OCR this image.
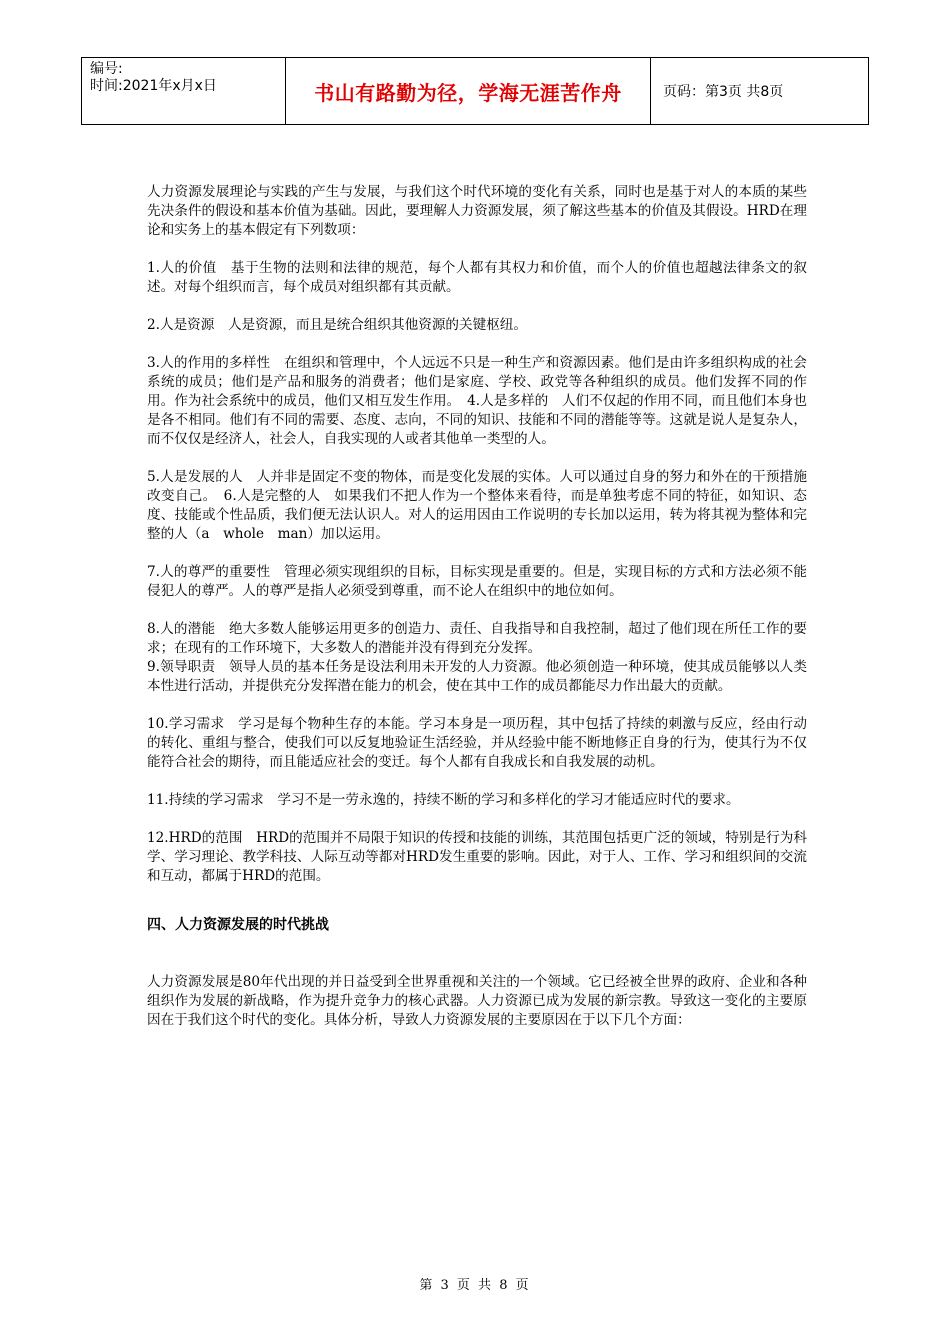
编号:
时间:2021年x月x日	书山有路勤为径，学海无涯苦作舟	页码：第3页 共8页

人力资源发展理论与实践的产生与发展，与我们这个时代环境的变化有关系，同时也是基于对人的本质的某些先决条件的假设和基本价值为基础。因此，要理解人力资源发展，须了解这些基本的价值及其假设。HRD在理论和实务上的基本假定有下列数项：

1.人的价值　基于生物的法则和法律的规范，每个人都有其权力和价值，而个人的价值也超越法律条文的叙述。对每个组织而言，每个成员对组织都有其贡献。

2.人是资源　人是资源，而且是统合组织其他资源的关键枢纽。

3.人的作用的多样性　在组织和管理中，个人远远不只是一种生产和资源因素。他们是由许多组织构成的社会系统的成员；他们是产品和服务的消费者；他们是家庭、学校、政党等各种组织的成员。他们发挥不同的作用。作为社会系统中的成员，他们又相互发生作用。　4.人是多样的　人们不仅起的作用不同，而且他们本身也是各不相同。他们有不同的需要、态度、志向，不同的知识、技能和不同的潜能等等。这就是说人是复杂人，而不仅仅是经济人，社会人，自我实现的人或者其他单一类型的人。

5.人是发展的人　人并非是固定不变的物体，而是变化发展的实体。人可以通过自身的努力和外在的干预措施改变自己。　6.人是完整的人　如果我们不把人作为一个整体来看待，而是单独考虑不同的特征，如知识、态度、技能或个性品质，我们便无法认识人。对人的运用因由工作说明的专长加以运用，转为将其视为整体和完整的人（a　whole　man）加以运用。

7.人的尊严的重要性　管理必须实现组织的目标，目标实现是重要的。但是，实现目标的方式和方法必须不能侵犯人的尊严。人的尊严是指人必须受到尊重，而不论人在组织中的地位如何。

8.人的潜能　绝大多数人能够运用更多的创造力、责任、自我指导和自我控制，超过了他们现在所任工作的要求；在现有的工作环境下，大多数人的潜能并没有得到充分发挥。

9.领导职责　领导人员的基本任务是设法利用未开发的人力资源。他必须创造一种环境，使其成员能够以人类本性进行活动，并提供充分发挥潜在能力的机会，使在其中工作的成员都能尽力作出最大的贡献。

10.学习需求　学习是每个物种生存的本能。学习本身是一项历程，其中包括了持续的刺激与反应，经由行动的转化、重组与整合，使我们可以反复地验证生活经验，并从经验中能不断地修正自身的行为，使其行为不仅能符合社会的期待，而且能适应社会的变迁。每个人都有自我成长和自我发展的动机。

11.持续的学习需求　学习不是一劳永逸的，持续不断的学习和多样化的学习才能适应时代的要求。

12.HRD的范围　HRD的范围并不局限于知识的传授和技能的训练，其范围包括更广泛的领域，特别是行为科学、学习理论、教学科技、人际互动等都对HRD发生重要的影响。因此，对于人、工作、学习和组织间的交流和互动，都属于HRD的范围。

四、人力资源发展的时代挑战

人力资源发展是80年代出现的并日益受到全世界重视和关注的一个领域。它已经被全世界的政府、企业和各种组织作为发展的新战略，作为提升竞争力的核心武器。人力资源已成为发展的新宗教。导致这一变化的主要原因在于我们这个时代的变化。具体分析，导致人力资源发展的主要原因在于以下几个方面：

第 3 页 共 8 页
